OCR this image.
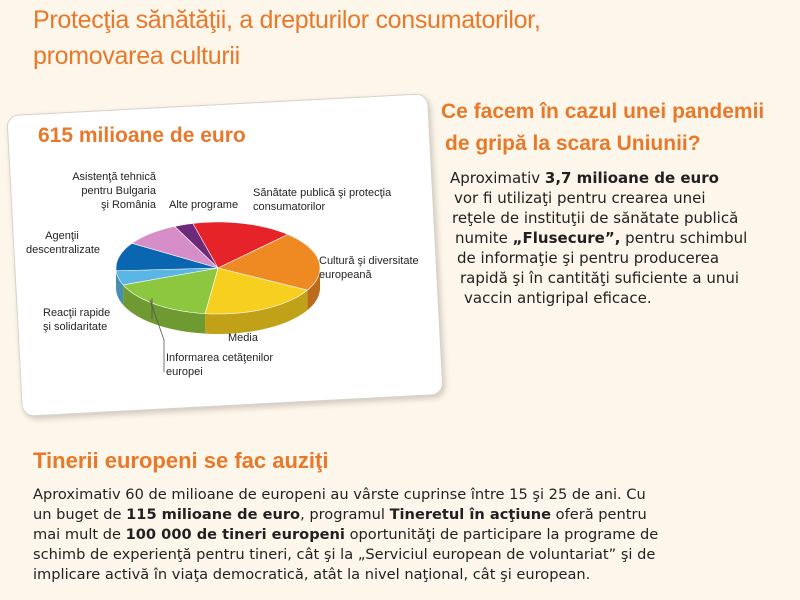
Protecţia sănătăţii, a drepturilor consumatorilor,
promovarea culturii
615 milioane de euro
Sănătate publică şi protecţia
consumatorilor
Cultură şi diversitate
europeană
Media
Informarea cetăţenilor
europei
Reacţii rapide
şi solidaritate
Agenţii
descentralizate
Asistenţă tehnică
pentru Bulgaria
şi România Alte programe
Ce facem în cazul unei pandemii
de gripă la scara Uniunii?
Aproximativ 3,7 milioane de euro
vor fi utilizaţi pentru crearea unei
reţele de instituţii de sănătate publică
numite „Flusecure”, pentru schimbul
de informaţie şi pentru producerea
rapidă şi în cantităţi suficiente a unui
vaccin antigripal eficace.
Tinerii europeni se fac auziţi
Aproximativ 60 de milioane de europeni au vârste cuprinse între 15 şi 25 de ani. Cu
un buget de 115 milioane de euro, programul Tineretul în acţiune oferă pentru
mai mult de 100 000 de tineri europeni oportunităţi de participare la programe de
schimb de experienţă pentru tineri, cât şi la „Serviciul european de voluntariat” şi de
implicare activă în viaţa democratică, atât la nivel naţional, cât şi european.
